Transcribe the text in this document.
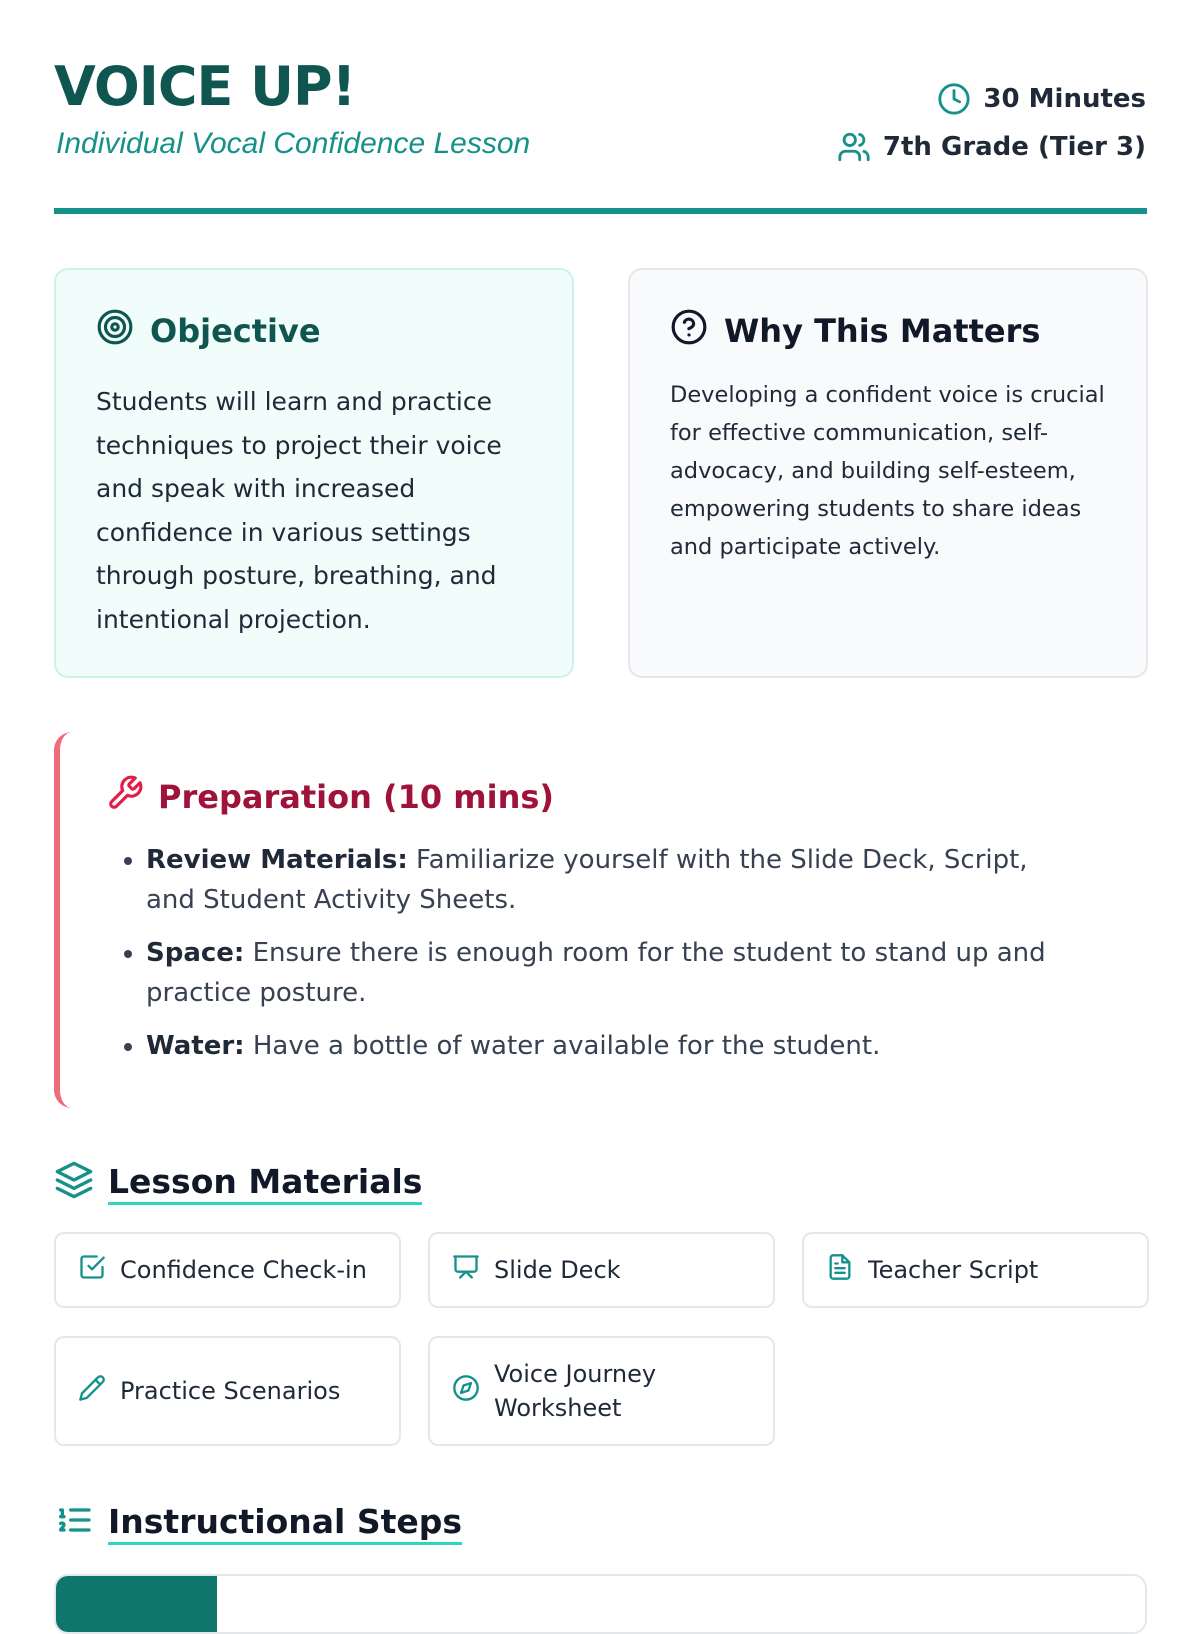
VOICE UP!
Individual Vocal Confidence Lesson
30 Minutes
7th Grade (Tier 3)
Objective
Students will learn and practice techniques to project their voice and speak with increased confidence in various settings through posture, breathing, and intentional projection.
Why This Matters
Developing a confident voice is crucial for effective communication, self-advocacy, and building self-esteem, empowering students to share ideas and participate actively.
Preparation (10 mins)
• Review Materials: Familiarize yourself with the Slide Deck, Script, and Student Activity Sheets.
• Space: Ensure there is enough room for the student to stand up and practice posture.
• Water: Have a bottle of water available for the student.
Lesson Materials
Confidence Check-in	Slide Deck	Teacher Script
Practice Scenarios
Voice Journey Worksheet
Instructional Steps
